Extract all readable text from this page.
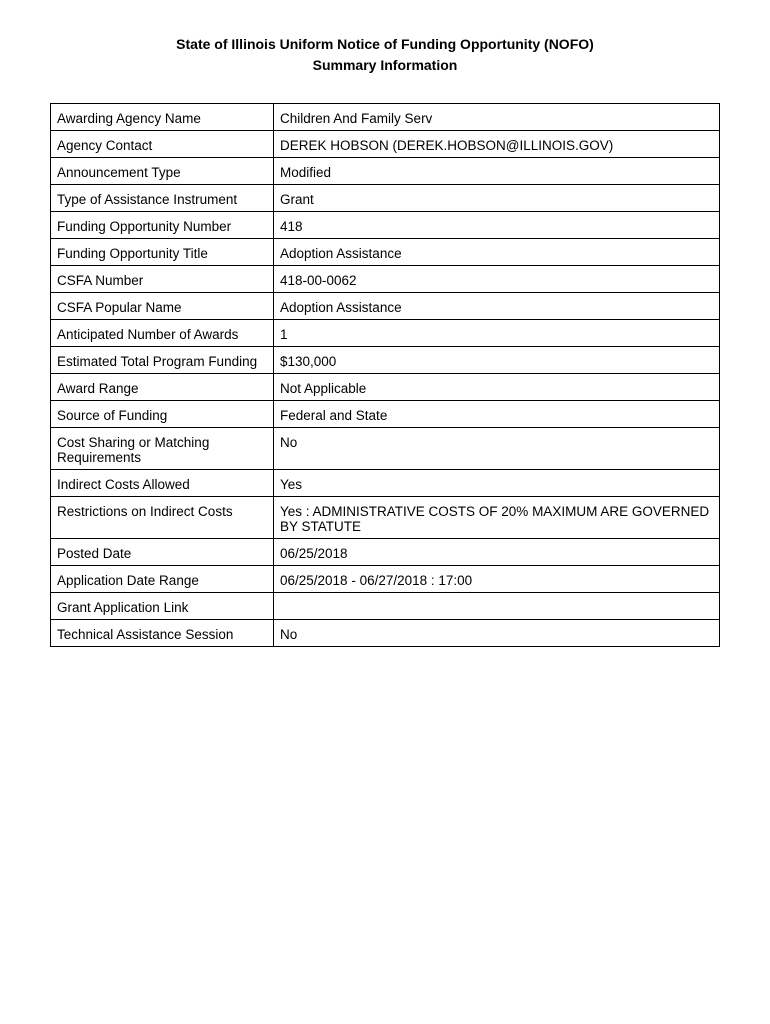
State of Illinois Uniform Notice of Funding Opportunity (NOFO)
Summary Information
Awarding Agency Name	Children And Family Serv
Agency Contact	DEREK HOBSON (DEREK.HOBSON@ILLINOIS.GOV)
Announcement Type	Modified
Type of Assistance Instrument	Grant
Funding Opportunity Number	418
Funding Opportunity Title	Adoption Assistance
CSFA Number	418-00-0062
CSFA Popular Name	Adoption Assistance
Anticipated Number of Awards	1
Estimated Total Program Funding	$130,000
Award Range	Not Applicable
Source of Funding	Federal and State
Cost Sharing or Matching Requirements	No
Indirect Costs Allowed	Yes
Restrictions on Indirect Costs	Yes : ADMINISTRATIVE COSTS OF 20% MAXIMUM ARE GOVERNED BY STATUTE
Posted Date	06/25/2018
Application Date Range	06/25/2018 - 06/27/2018 : 17:00
Grant Application Link	
Technical Assistance Session	No
